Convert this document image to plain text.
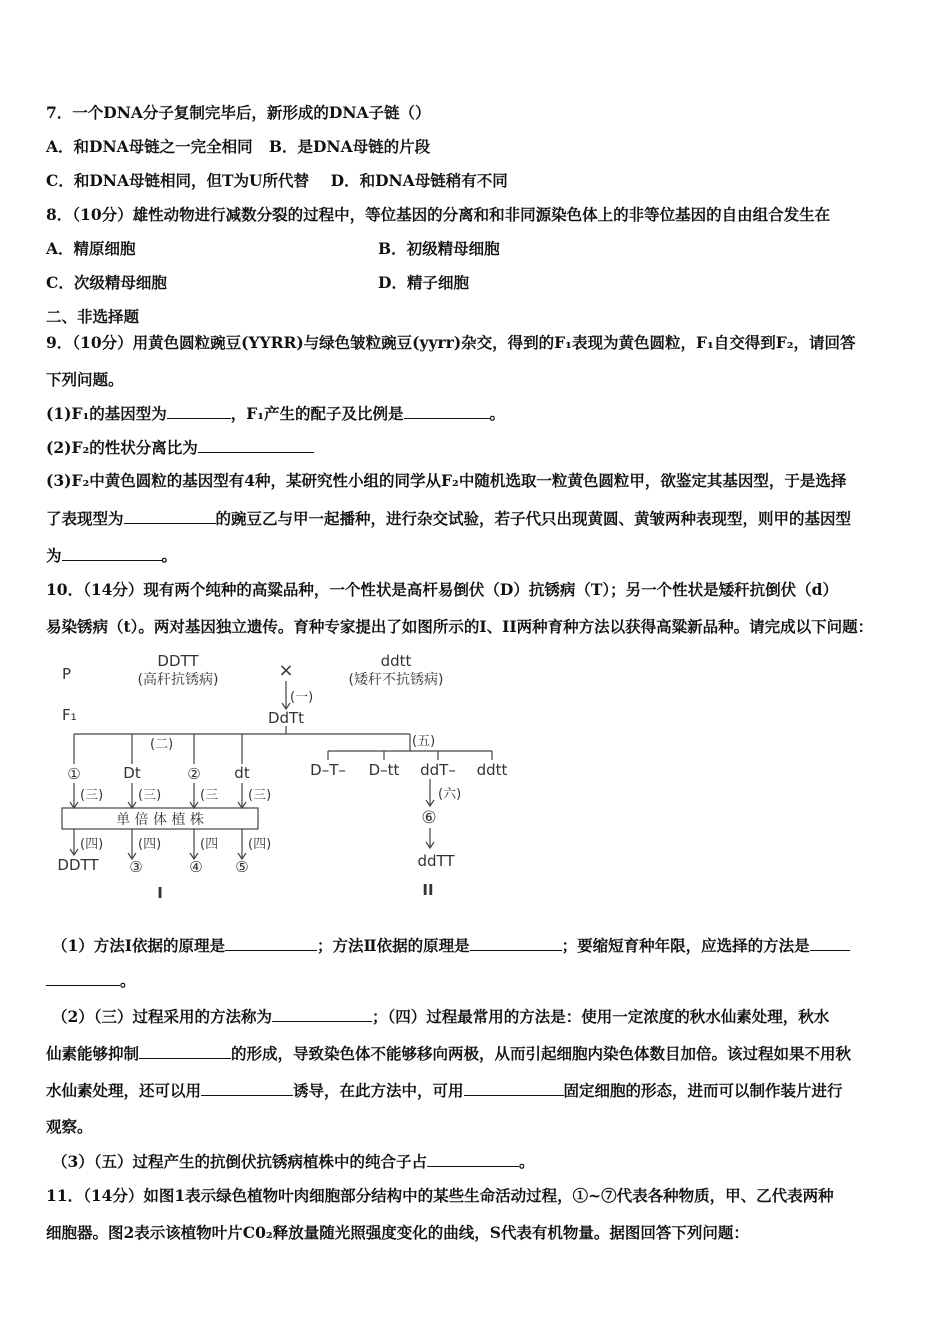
7．一个DNA分子复制完毕后，新形成的DNA子链（）
A．和DNA母链之一完全相同 B．是DNA母链的片段
C．和DNA母链相同，但T为U所代替 D．和DNA母链稍有不同
8．（10分）雄性动物进行减数分裂的过程中，等位基因的分离和和非同源染色体上的非等位基因的自由组合发生在
A．精原细胞	B．初级精母细胞
C．次级精母细胞	D．精子细胞
二、非选择题
9．（10分）用黄色圆粒豌豆(YYRR)与绿色皱粒豌豆(yyrr)杂交，得到的F₁表现为黄色圆粒，F₁自交得到F₂，请回答
下列问题。
(1)F₁的基因型为	，F₁产生的配子及比例是	。
(2)F₂的性状分离比为
(3)F₂中黄色圆粒的基因型有4种，某研究性小组的同学从F₂中随机选取一粒黄色圆粒甲，欲鉴定其基因型，于是选择
了表现型为	的豌豆乙与甲一起播种，进行杂交试验，若子代只出现黄圆、黄皱两种表现型，则甲的基因型
为	。
10．（14分）现有两个纯种的高粱品种，一个性状是高杆易倒伏（D）抗锈病（T）；另一个性状是矮秆抗倒伏（d）
易染锈病（t）。两对基因独立遗传。育种专家提出了如图所示的I、II两种育种方法以获得高粱新品种。请完成以下问题：
P
F₁
DDTT
(高秆抗锈病)	×	ddtt
(矮秆不抗锈病)
(一)
DdTt
(二)	(五)
①	Dt	② dt
(三)	(三)	(三 (三)
单 倍 体 植 株
(四)	(四)	(四 (四)
DDTT ③	④ ⑤
I
D–T– D–tt ddT– ddtt
(六)
⑥
ddTT
II
（1）方法Ⅰ依据的原理是	；方法Ⅱ依据的原理是	；要缩短育种年限，应选择的方法是
。
（2）（三）过程采用的方法称为	；（四）过程最常用的方法是：使用一定浓度的秋水仙素处理，秋水
仙素能够抑制	的形成，导致染色体不能够移向两极，从而引起细胞内染色体数目加倍。该过程如果不用秋
水仙素处理，还可以用	诱导，在此方法中，可用	固定细胞的形态，进而可以制作装片进行
观察。
（3）（五）过程产生的抗倒伏抗锈病植株中的纯合子占	。
11．（14分）如图1表示绿色植物叶肉细胞部分结构中的某些生命活动过程，①~⑦代表各种物质，甲、乙代表两种
细胞器。图2表示该植物叶片C0₂释放量随光照强度变化的曲线，S代表有机物量。据图回答下列问题：
